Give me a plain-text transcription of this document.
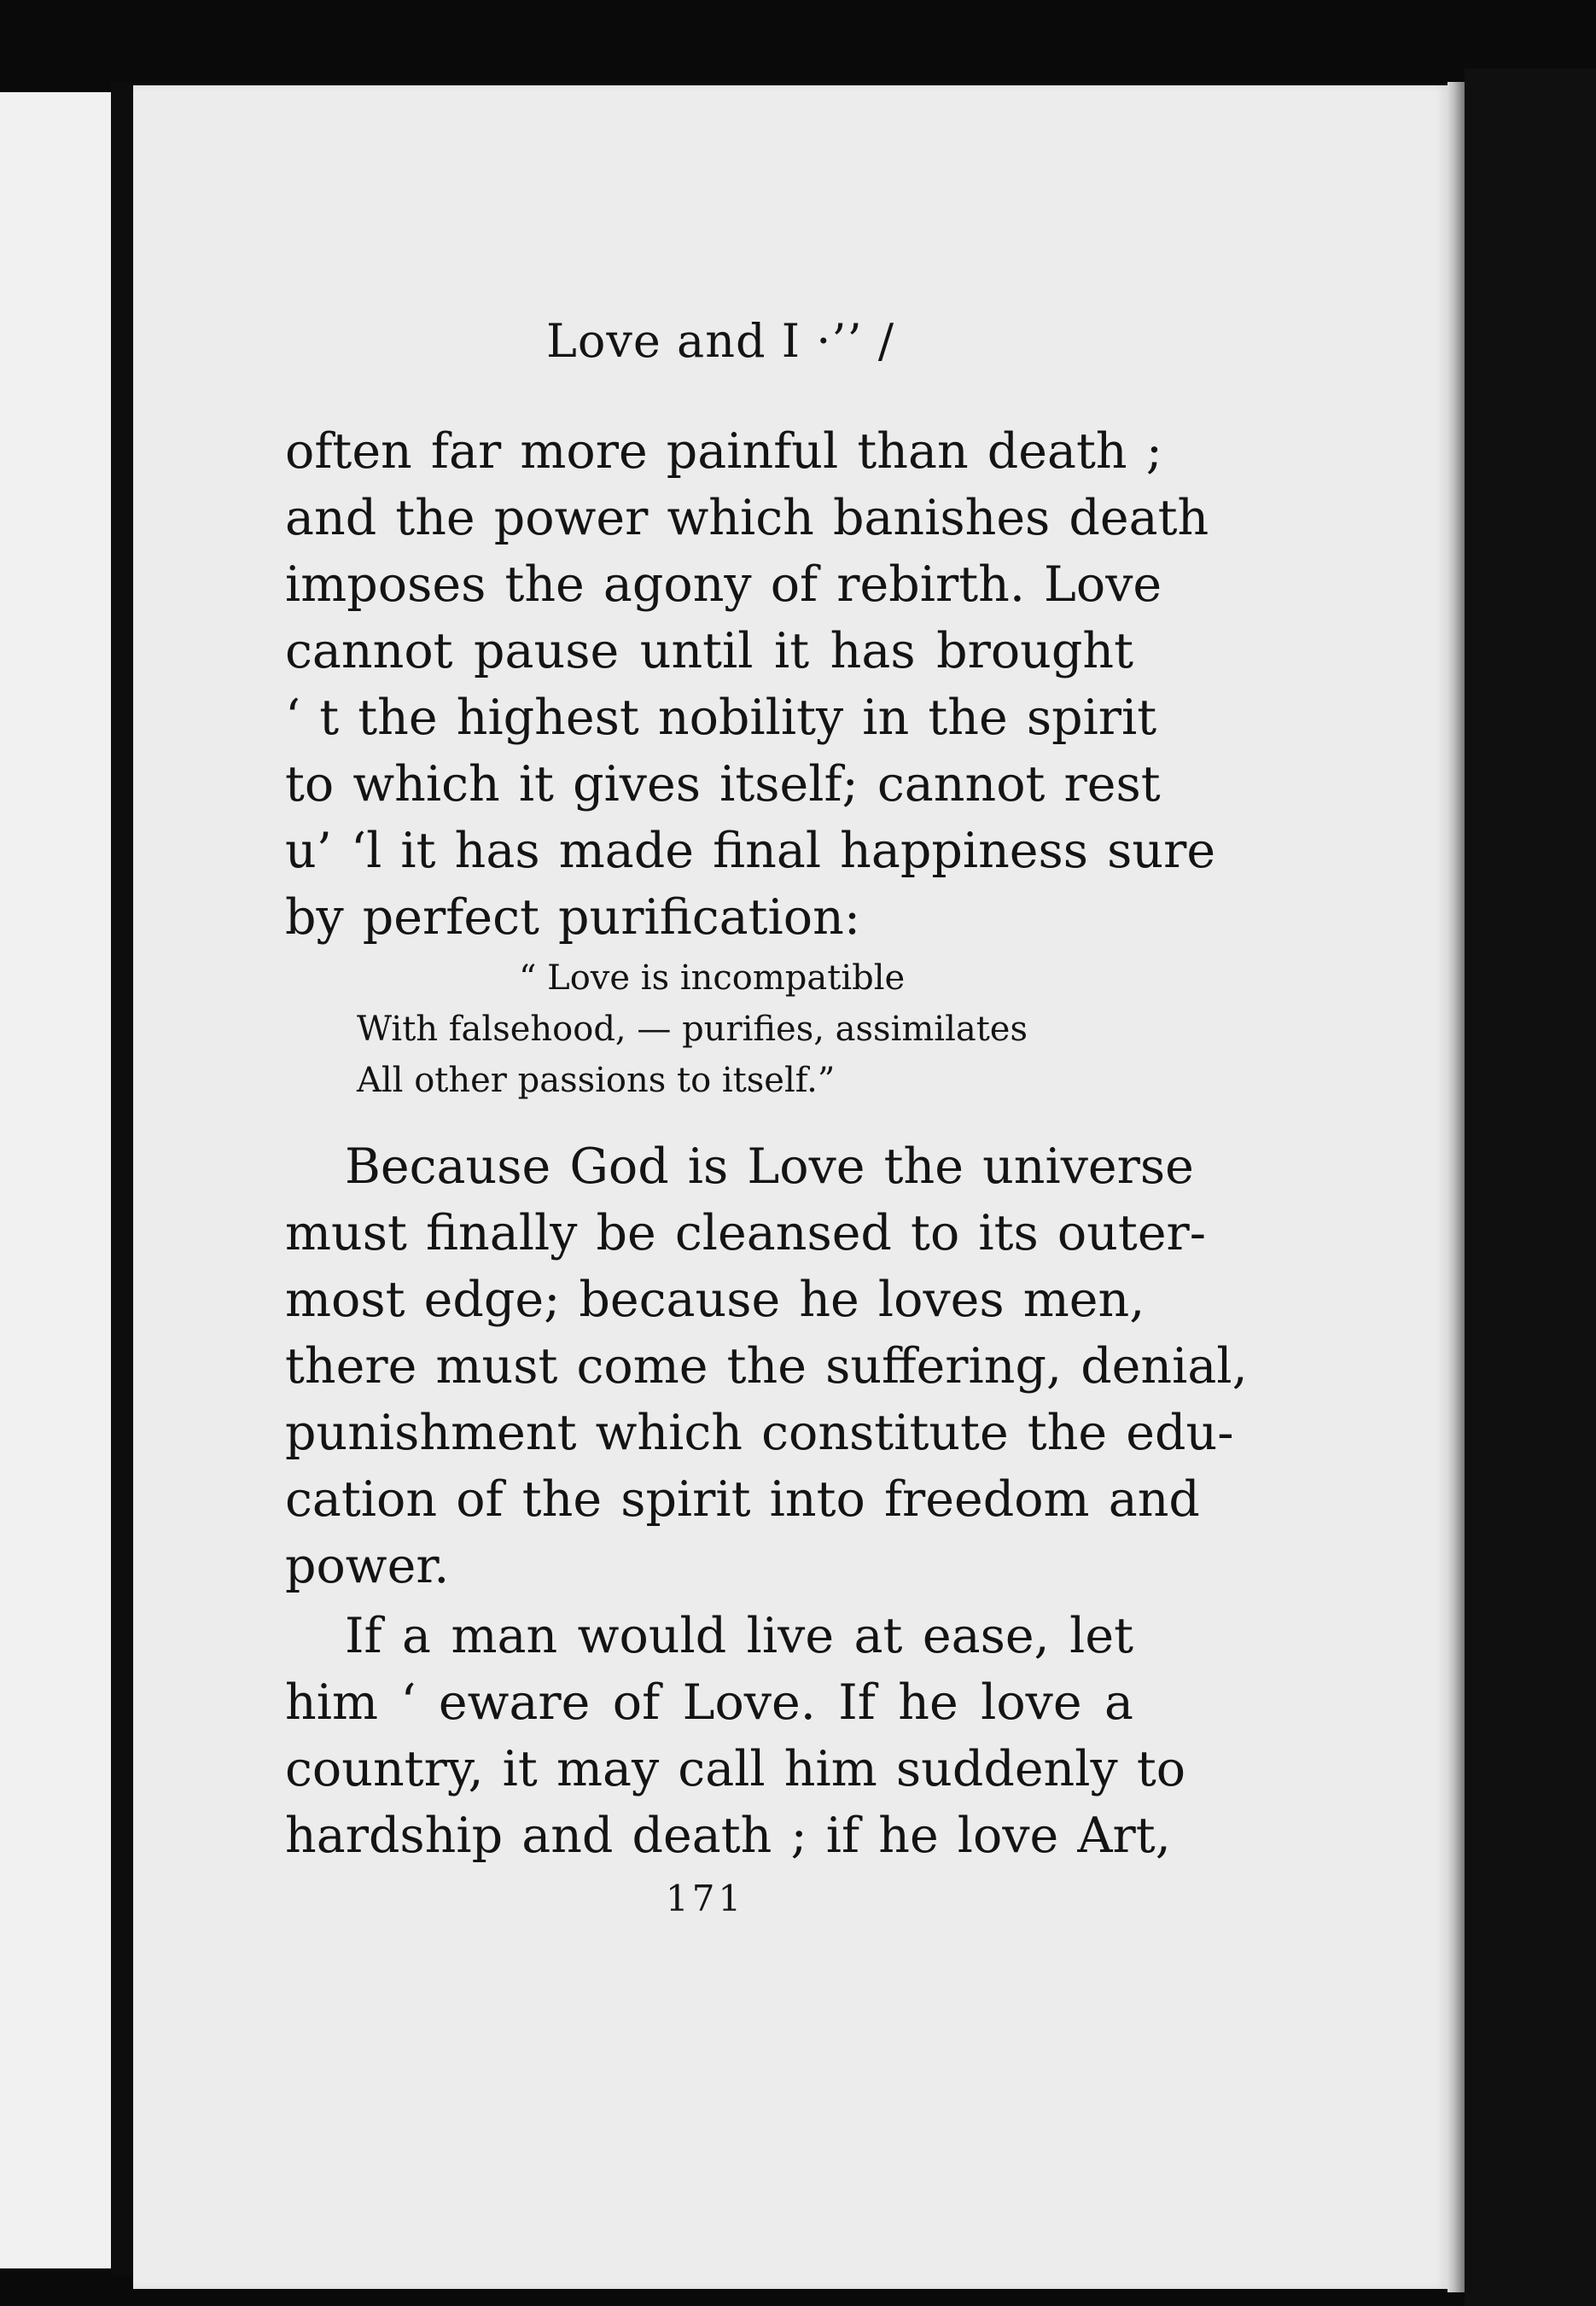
Love and I ·’’ /

often far more painful than death ;
and the power which banishes death
imposes the agony of rebirth. Love
cannot pause until it has brought
‘ t the highest nobility in the spirit
to which it gives itself; cannot rest
u’ ‘l it has made final happiness sure
by perfect purification:

“ Love is incompatible
With falsehood, — purifies, assimilates
All other passions to itself.”

Because God is Love the universe
must finally be cleansed to its outer-
most edge; because he loves men,
there must come the suffering, denial,
punishment which constitute the edu-
cation of the spirit into freedom and
power.

If a man would live at ease, let
him ‘ eware of Love. If he love a
country, it may call him suddenly to
hardship and death ; if he love Art,

171
